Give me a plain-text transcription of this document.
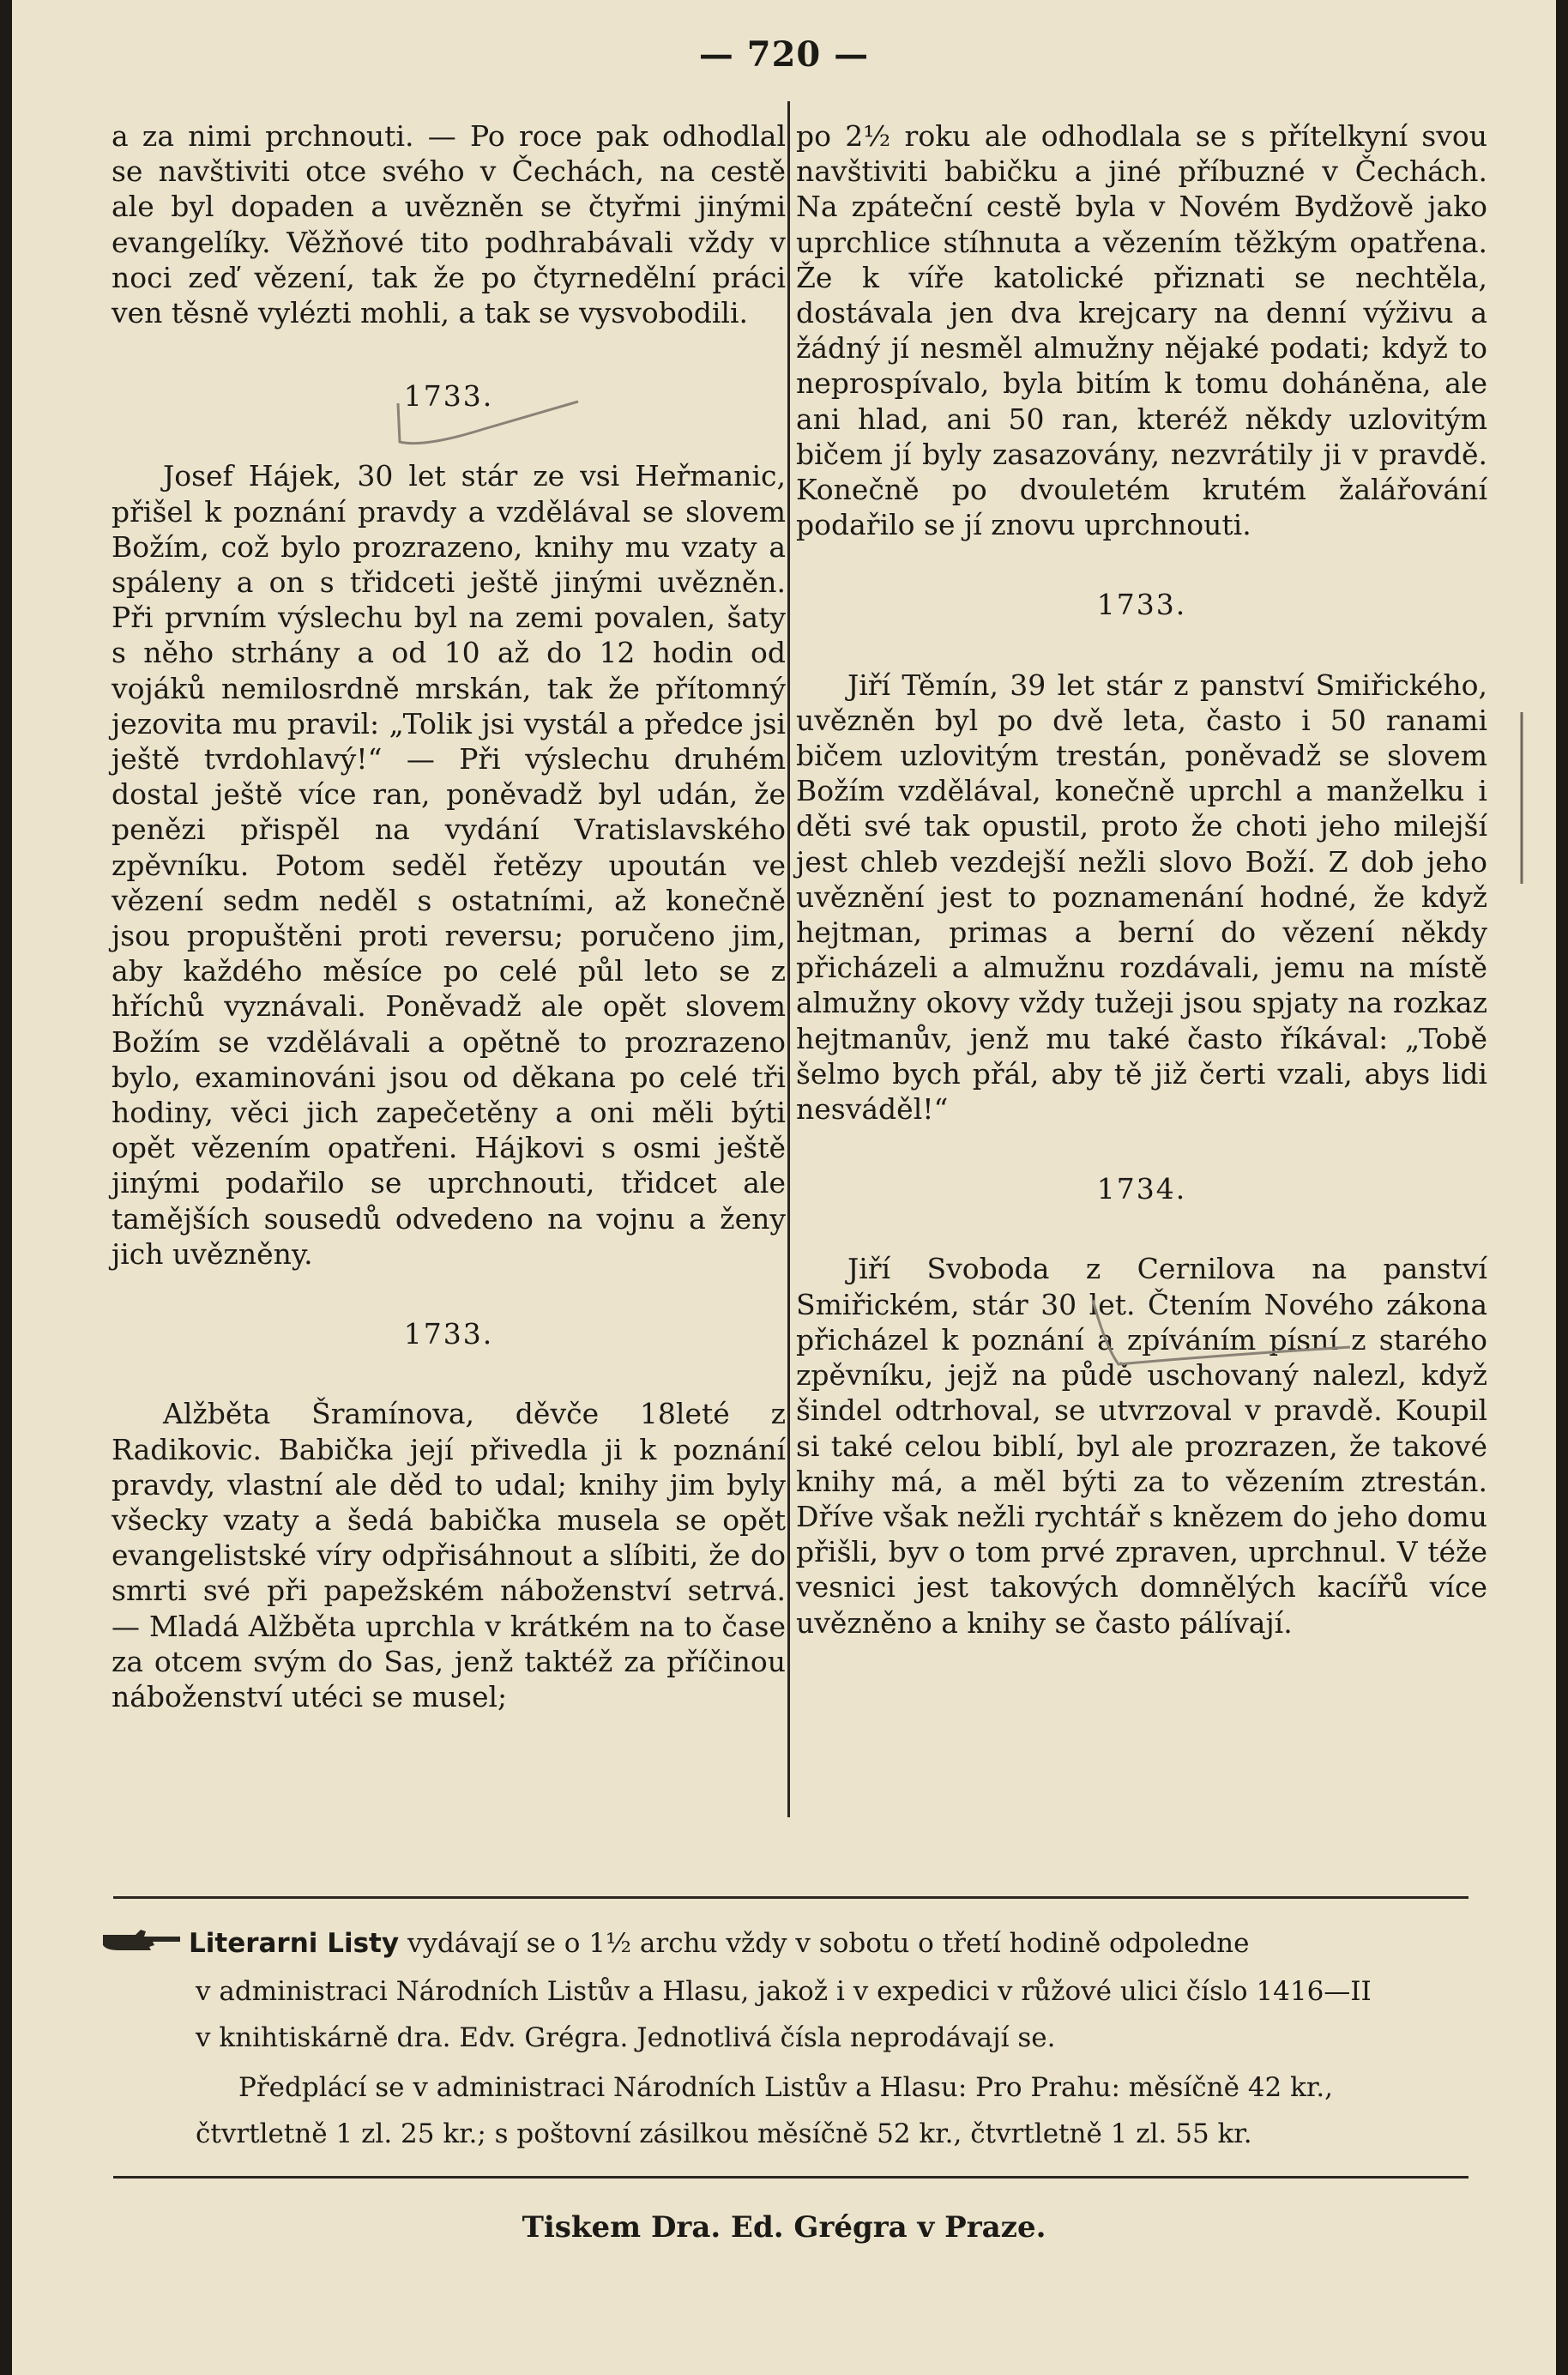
— 720 —

a za nimi prchnouti. — Po roce pak odhodlal se navštiviti otce svého v Čechách, na cestě ale byl dopaden a uvězněn se čtyřmi jinými evangelíky. Věžňové tito podhrabávali vždy v noci zeď vězení, tak že po čtyrnedělní práci ven těsně vylézti mohli, a tak se vysvobodili.

1733.

Josef Hájek, 30 let stár ze vsi Heřmanic, přišel k poznání pravdy a vzdělával se slovem Božím, což bylo prozrazeno, knihy mu vzaty a spáleny a on s třidceti ještě jinými uvězněn. Při prvním výslechu byl na zemi povalen, šaty s něho strhány a od 10 až do 12 hodin od vojáků nemilosrdně mrskán, tak že přítomný jezovita mu pravil: „Tolik jsi vystál a předce jsi ještě tvrdohlavý!“ — Při výslechu druhém dostal ještě více ran, poněvadž byl udán, že penězi přispěl na vydání Vratislavského zpěvníku. Potom seděl řetězy upoután ve vězení sedm neděl s ostatními, až konečně jsou propuštěni proti reversu; poručeno jim, aby každého měsíce po celé půl leto se z hříchů vyznávali. Poněvadž ale opět slovem Božím se vzdělávali a opětně to prozrazeno bylo, examinováni jsou od děkana po celé tři hodiny, věci jich zapečetěny a oni měli býti opět vězením opatřeni. Hájkovi s osmi ještě jinými podařilo se uprchnouti, třidcet ale tamějších sousedů odvedeno na vojnu a ženy jich uvězněny.

1733.

Alžběta Šramínova, děvče 18leté z Radikovic. Babička její přivedla ji k poznání pravdy, vlastní ale děd to udal; knihy jim byly všecky vzaty a šedá babička musela se opět evangelistské víry odpřisáhnout a slíbiti, že do smrti své při papežském náboženství setrvá. — Mladá Alžběta uprchla v krátkém na to čase za otcem svým do Sas, jenž taktéž za příčinou náboženství utéci se musel;

po 2½ roku ale odhodlala se s přítelkyní svou navštiviti babičku a jiné příbuzné v Čechách. Na zpáteční cestě byla v Novém Bydžově jako uprchlice stíhnuta a vězením těžkým opatřena. Že k víře katolické přiznati se nechtěla, dostávala jen dva krejcary na denní výživu a žádný jí nesměl almužny nějaké podati; když to neprospívalo, byla bitím k tomu doháněna, ale ani hlad, ani 50 ran, kteréž někdy uzlovitým bičem jí byly zasazovány, nezvrátily ji v pravdě. Konečně po dvouletém krutém žalářování podařilo se jí znovu uprchnouti.

1733.

Jiří Těmín, 39 let stár z panství Smiřického, uvězněn byl po dvě leta, často i 50 ranami bičem uzlovitým trestán, poněvadž se slovem Božím vzdělával, konečně uprchl a manželku i děti své tak opustil, proto že choti jeho milejší jest chleb vezdejší nežli slovo Boží. Z dob jeho uvěznění jest to poznamenání hodné, že když hejtman, primas a berní do vězení někdy přicházeli a almužnu rozdávali, jemu na místě almužny okovy vždy tužeji jsou spjaty na rozkaz hejtmanův, jenž mu také často říkával: „Tobě šelmo bych přál, aby tě již čerti vzali, abys lidi nesváděl!“

1734.

Jiří Svoboda z Cernilova na panství Smiřickém, stár 30 let. Čtením Nového zákona přicházel k poznání a zpíváním písní z starého zpěvníku, jejž na půdě uschovaný nalezl, když šindel odtrhoval, se utvrzoval v pravdě. Koupil si také celou biblí, byl ale prozrazen, že takové knihy má, a měl býti za to vězením ztrestán. Dříve však nežli rychtář s knězem do jeho domu přišli, byv o tom prvé zpraven, uprchnul. V téže vesnici jest takových domnělých kacířů více uvězněno a knihy se často pálívají.

Literarni Listy vydávají se o 1½ archu vždy v sobotu o třetí hodině odpoledne

v administraci Národních Listův a Hlasu, jakož i v expedici v růžové ulici číslo 1416—II

v knihtiskárně dra. Edv. Grégra. Jednotlivá čísla neprodávají se.

Předplácí se v administraci Národních Listův a Hlasu: Pro Prahu: měsíčně 42 kr.,

čtvrtletně 1 zl. 25 kr.; s poštovní zásilkou měsíčně 52 kr., čtvrtletně 1 zl. 55 kr.

Tiskem Dra. Ed. Grégra v Praze.
